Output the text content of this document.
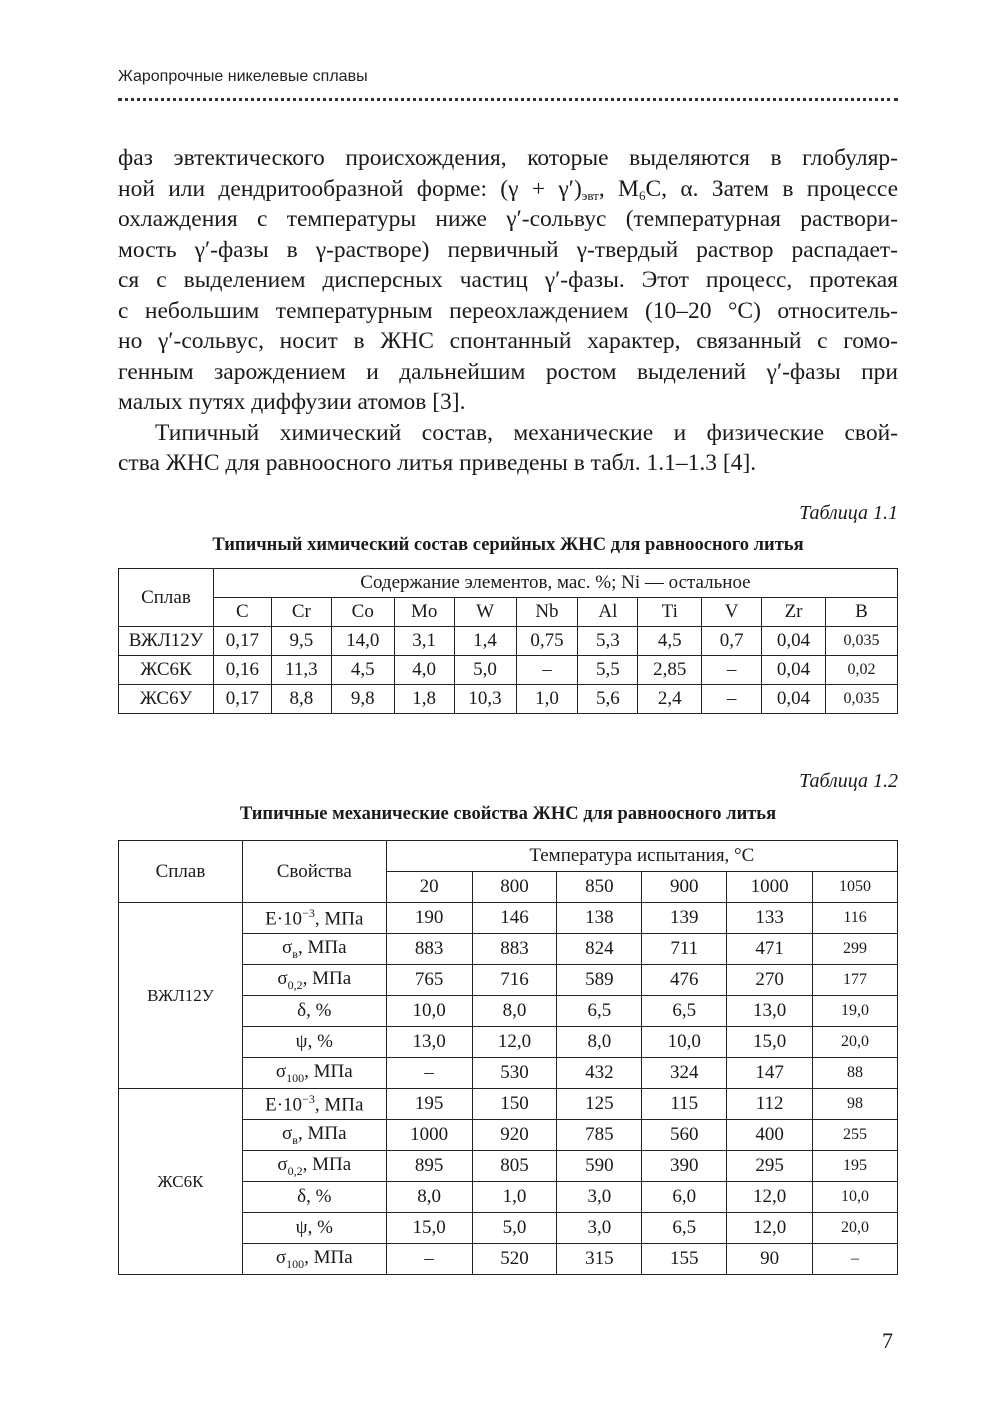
Жаропрочные никелевые сплавы
фаз эвтектического происхождения, которые выделяются в глобуляр-
ной или дендритообразной форме: $(\gamma + \gamma')_{эвт}$, $M_6C$, α. Затем в процессе
охлаждения с температуры ниже γ′-сольвус (температурная раствори-
мость γ′-фазы в γ-растворе) первичный γ-твердый раствор распадает-
ся с выделением дисперсных частиц γ′-фазы. Этот процесс, протекая
с небольшим температурным переохлаждением (10–20 °C) относитель-
но γ′-сольвус, носит в ЖНС спонтанный характер, связанный с гомо-
генным зарождением и дальнейшим ростом выделений γ′-фазы при
малых путях диффузии атомов [3].
Типичный химический состав, механические и физические свой-
ства ЖНС для равноосного литья приведены в табл. 1.1–1.3 [4].
Таблица 1.1
Типичный химический состав серийных ЖНС для равноосного литья
Сплав	Содержание элементов, мас. %; Ni — остальное										
	C	Cr	Co	Mo	W	Nb	Al	Ti	V	Zr	B
ВЖЛ12У	0,17	9,5	14,0	3,1	1,4	0,75	5,3	4,5	0,7	0,04	0,035
ЖС6К	0,16	11,3	4,5	4,0	5,0	–	5,5	2,85	–	0,04	0,02
ЖС6У	0,17	8,8	9,8	1,8	10,3	1,0	5,6	2,4	–	0,04	0,035
Таблица 1.2
Типичные механические свойства ЖНС для равноосного литья
Сплав	Свойства	Температура испытания, °C					
		20	800	850	900	1000	1050
ВЖЛ12У	$E\cdot 10^{-3}$, МПа	190	146	138	139	133	116
	$\sigma_в$, МПа	883	883	824	711	471	299
	$\sigma_{0,2}$, МПа	765	716	589	476	270	177
	δ, %	10,0	8,0	6,5	6,5	13,0	19,0
	ψ, %	13,0	12,0	8,0	10,0	15,0	20,0
	$\sigma_{100}$, МПа	–	530	432	324	147	88
ЖС6К	$E\cdot 10^{-3}$, МПа	195	150	125	115	112	98
	$\sigma_в$, МПа	1000	920	785	560	400	255
	$\sigma_{0,2}$, МПа	895	805	590	390	295	195
	δ, %	8,0	1,0	3,0	6,0	12,0	10,0
	ψ, %	15,0	5,0	3,0	6,5	12,0	20,0
	$\sigma_{100}$, МПа	–	520	315	155	90	–
7
